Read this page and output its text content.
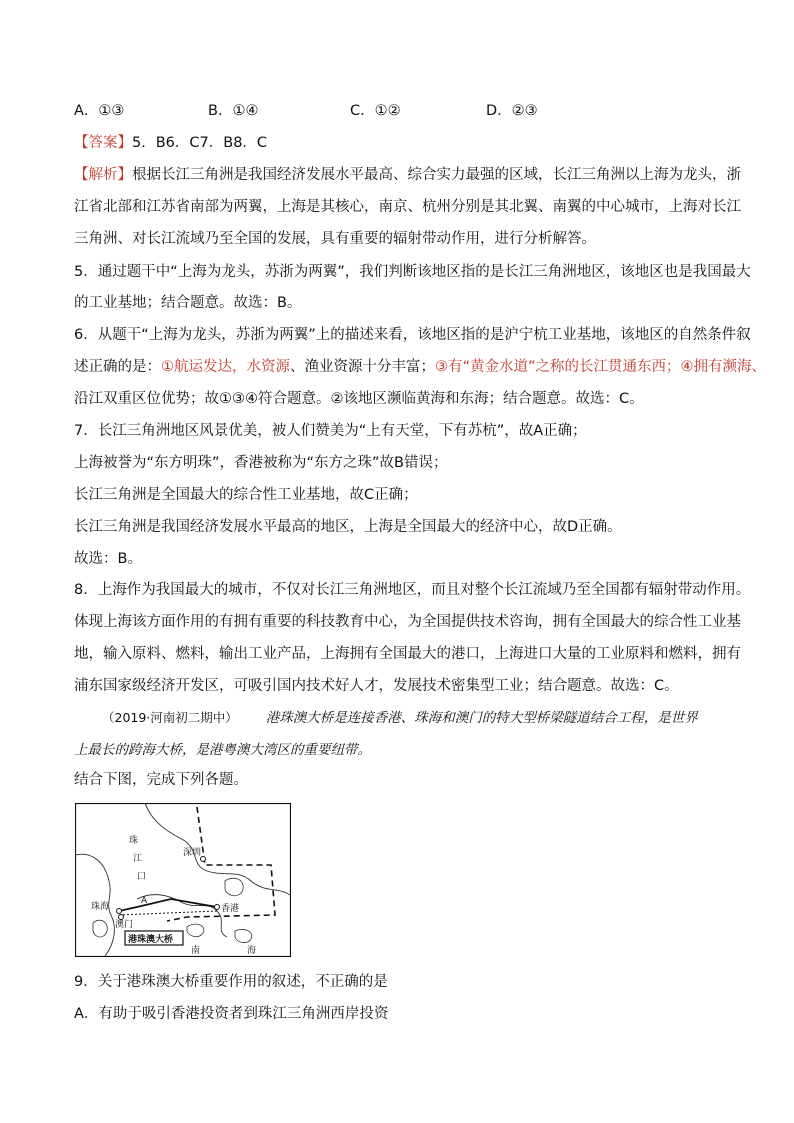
A．①③	B．①④	C．①②	D．②③
【答案】5．B6．C7．B8．C
【解析】根据长江三角洲是我国经济发展水平最高、综合实力最强的区域，长江三角洲以上海为龙头，浙
江省北部和江苏省南部为两翼，上海是其核心，南京、杭州分别是其北翼、南翼的中心城市，上海对长江
三角洲、对长江流域乃至全国的发展，具有重要的辐射带动作用，进行分析解答。
5．通过题干中“上海为龙头，苏浙为两翼”，我们判断该地区指的是长江三角洲地区，该地区也是我国最大
的工业基地；结合题意。故选：B。
6．从题干“上海为龙头，苏浙为两翼”上的描述来看，该地区指的是沪宁杭工业基地，该地区的自然条件叙
述正确的是：①航运发达，水资源、渔业资源十分丰富；③有“黄金水道”之称的长江贯通东西；④拥有濒海、
沿江双重区位优势；故①③④符合题意。②该地区濒临黄海和东海；结合题意。故选：C。
7．长江三角洲地区风景优美，被人们赞美为“上有天堂，下有苏杭”，故A正确；
上海被誉为“东方明珠”，香港被称为“东方之珠”故B错误；
长江三角洲是全国最大的综合性工业基地，故C正确；
长江三角洲是我国经济发展水平最高的地区，上海是全国最大的经济中心，故D正确。
故选：B。
8．上海作为我国最大的城市，不仅对长江三角洲地区，而且对整个长江流域乃至全国都有辐射带动作用。
体现上海该方面作用的有拥有重要的科技教育中心，为全国提供技术咨询，拥有全国最大的综合性工业基
地，输入原料、燃料，输出工业产品，上海拥有全国最大的港口，上海进口大量的工业原料和燃料，拥有
浦东国家级经济开发区，可吸引国内技术好人才，发展技术密集型工业；结合题意。故选：C。
（2019·河南初二期中） 港珠澳大桥是连接香港、珠海和澳门的特大型桥梁隧道结合工程，是世界
上最长的跨海大桥，是港粤澳大湾区的重要纽带。
结合下图，完成下列各题。
珠
江
口
深圳
珠海
澳门
香港
A
港珠澳大桥
南	海
9．关于港珠澳大桥重要作用的叙述，不正确的是
A．有助于吸引香港投资者到珠江三角洲西岸投资
